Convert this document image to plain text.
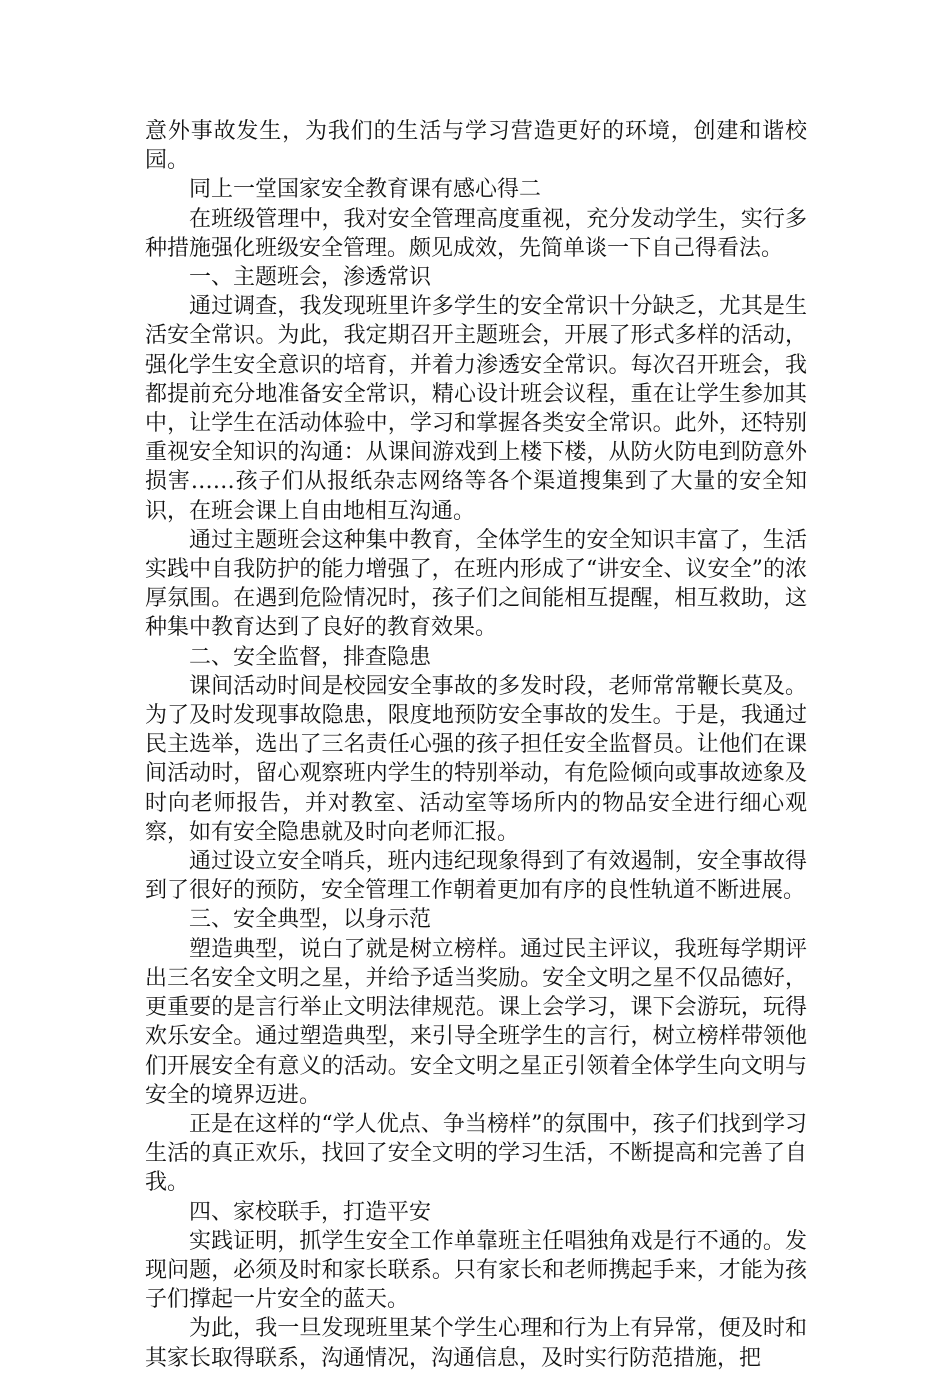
意外事故发生，为我们的生活与学习营造更好的环境，创建和谐校园。

同上一堂国家安全教育课有感心得二

在班级管理中，我对安全管理高度重视，充分发动学生，实行多种措施强化班级安全管理。颇见成效，先简单谈一下自己得看法。

一、主题班会，渗透常识

通过调查，我发现班里许多学生的安全常识十分缺乏，尤其是生活安全常识。为此，我定期召开主题班会，开展了形式多样的活动，强化学生安全意识的培育，并着力渗透安全常识。每次召开班会，我都提前充分地准备安全常识，精心设计班会议程，重在让学生参加其中，让学生在活动体验中，学习和掌握各类安全常识。此外，还特别重视安全知识的沟通：从课间游戏到上楼下楼，从防火防电到防意外损害……孩子们从报纸杂志网络等各个渠道搜集到了大量的安全知识，在班会课上自由地相互沟通。

通过主题班会这种集中教育，全体学生的安全知识丰富了，生活实践中自我防护的能力增强了，在班内形成了“讲安全、议安全”的浓厚氛围。在遇到危险情况时，孩子们之间能相互提醒，相互救助，这种集中教育达到了良好的教育效果。

二、安全监督，排查隐患

课间活动时间是校园安全事故的多发时段，老师常常鞭长莫及。为了及时发现事故隐患，限度地预防安全事故的发生。于是，我通过民主选举，选出了三名责任心强的孩子担任安全监督员。让他们在课间活动时，留心观察班内学生的特别举动，有危险倾向或事故迹象及时向老师报告，并对教室、活动室等场所内的物品安全进行细心观察，如有安全隐患就及时向老师汇报。

通过设立安全哨兵，班内违纪现象得到了有效遏制，安全事故得到了很好的预防，安全管理工作朝着更加有序的良性轨道不断进展。

三、安全典型，以身示范

塑造典型，说白了就是树立榜样。通过民主评议，我班每学期评出三名安全文明之星，并给予适当奖励。安全文明之星不仅品德好，更重要的是言行举止文明法律规范。课上会学习，课下会游玩，玩得欢乐安全。通过塑造典型，来引导全班学生的言行，树立榜样带领他们开展安全有意义的活动。安全文明之星正引领着全体学生向文明与安全的境界迈进。

正是在这样的“学人优点、争当榜样”的氛围中，孩子们找到学习生活的真正欢乐，找回了安全文明的学习生活，不断提高和完善了自我。

四、家校联手，打造平安

实践证明，抓学生安全工作单靠班主任唱独角戏是行不通的。发现问题，必须及时和家长联系。只有家长和老师携起手来，才能为孩子们撑起一片安全的蓝天。

为此，我一旦发现班里某个学生心理和行为上有异常，便及时和其家长取得联系，沟通情况，沟通信息，及时实行防范措施，把
